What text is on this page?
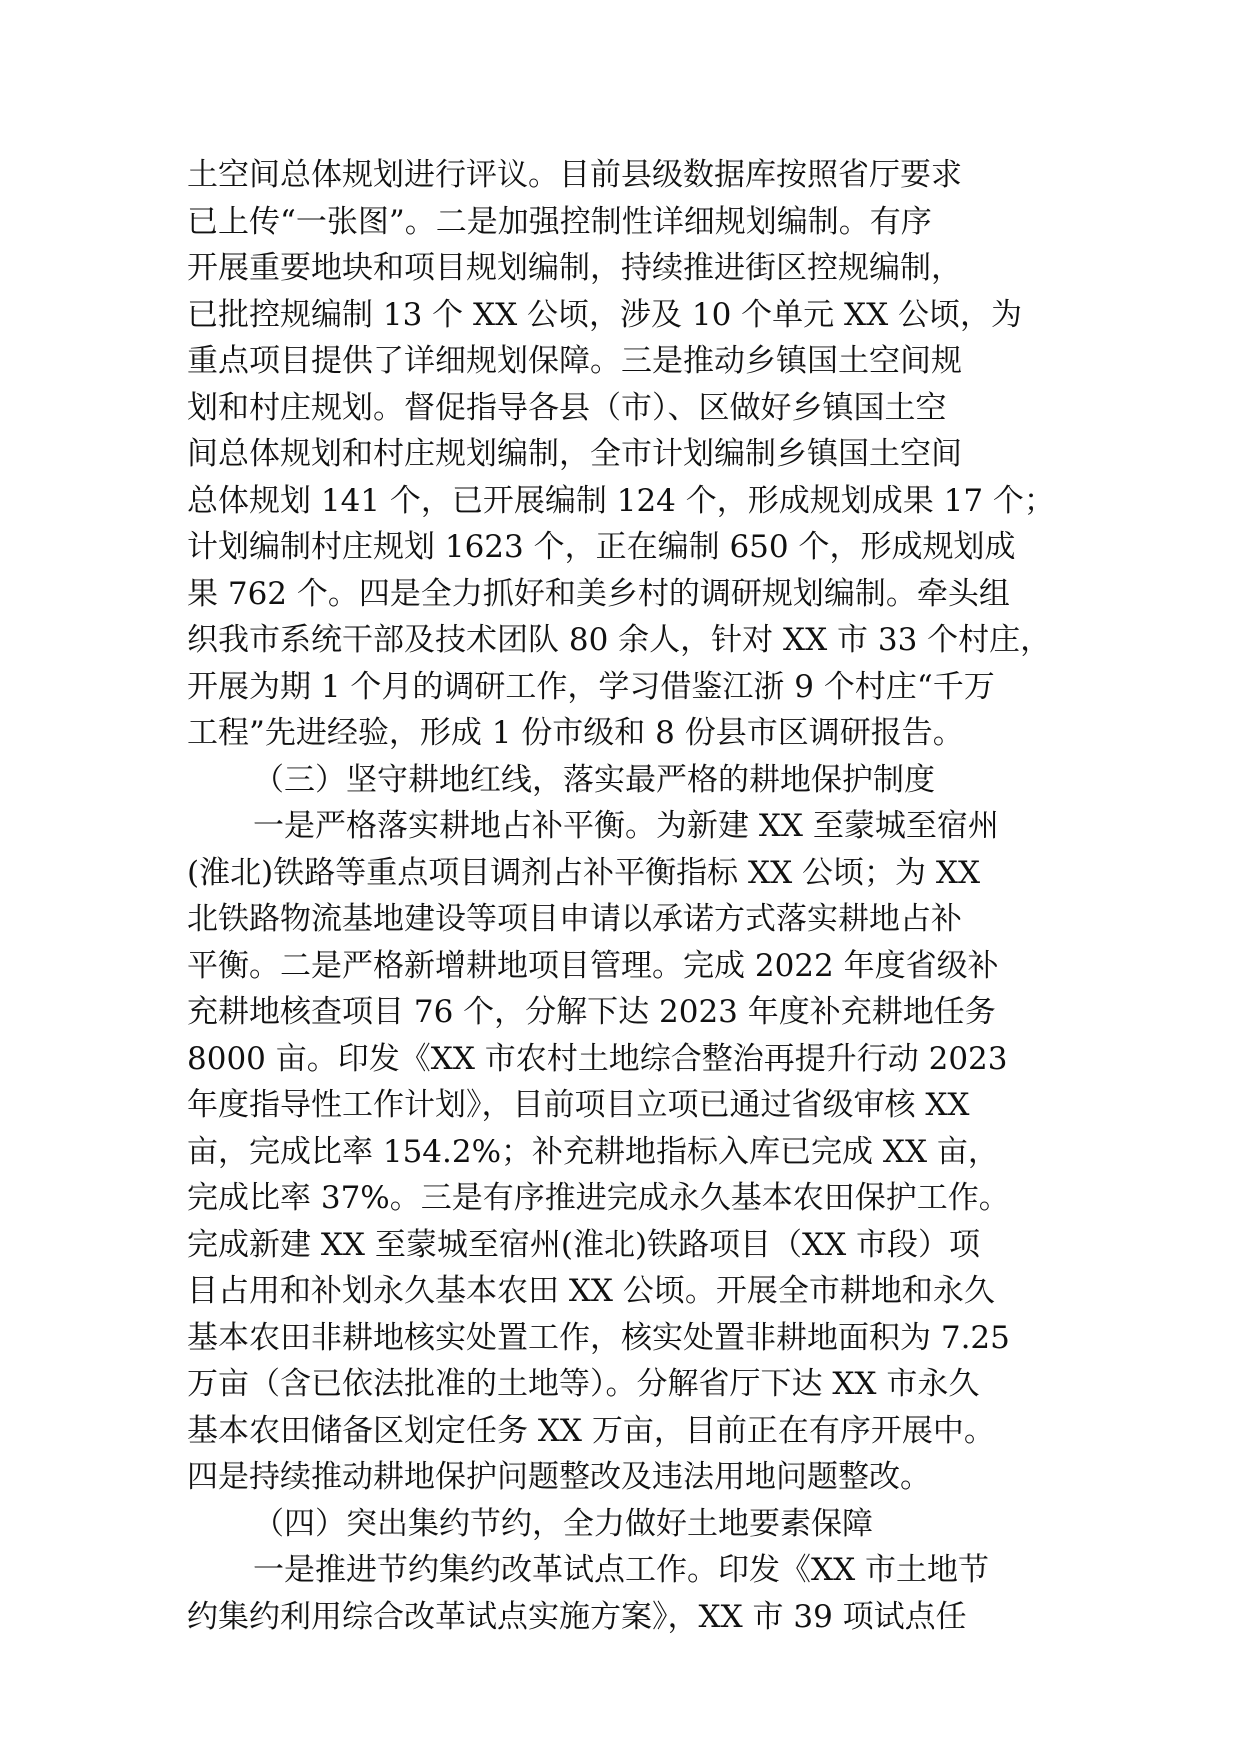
土空间总体规划进行评议。目前县级数据库按照省厅要求
已上传“一张图”。二是加强控制性详细规划编制。有序
开展重要地块和项目规划编制，持续推进街区控规编制，
已批控规编制 13 个 XX 公顷，涉及 10 个单元 XX 公顷，为
重点项目提供了详细规划保障。三是推动乡镇国土空间规
划和村庄规划。督促指导各县（市）、区做好乡镇国土空
间总体规划和村庄规划编制，全市计划编制乡镇国土空间
总体规划 141 个，已开展编制 124 个，形成规划成果 17 个；
计划编制村庄规划 1623 个，正在编制 650 个，形成规划成
果 762 个。四是全力抓好和美乡村的调研规划编制。牵头组
织我市系统干部及技术团队 80 余人，针对 XX 市 33 个村庄，
开展为期 1 个月的调研工作，学习借鉴江浙 9 个村庄“千万
工程”先进经验，形成 1 份市级和 8 份县市区调研报告。
（三）坚守耕地红线，落实最严格的耕地保护制度
一是严格落实耕地占补平衡。为新建 XX 至蒙城至宿州
(淮北)铁路等重点项目调剂占补平衡指标 XX 公顷；为 XX
北铁路物流基地建设等项目申请以承诺方式落实耕地占补
平衡。二是严格新增耕地项目管理。完成 2022 年度省级补
充耕地核查项目 76 个，分解下达 2023 年度补充耕地任务
8000 亩。印发《XX 市农村土地综合整治再提升行动 2023
年度指导性工作计划》，目前项目立项已通过省级审核 XX
亩，完成比率 154.2%；补充耕地指标入库已完成 XX 亩，
完成比率 37%。三是有序推进完成永久基本农田保护工作。
完成新建 XX 至蒙城至宿州(淮北)铁路项目（XX 市段）项
目占用和补划永久基本农田 XX 公顷。开展全市耕地和永久
基本农田非耕地核实处置工作，核实处置非耕地面积为 7.25
万亩（含已依法批准的土地等）。分解省厅下达 XX 市永久
基本农田储备区划定任务 XX 万亩，目前正在有序开展中。
四是持续推动耕地保护问题整改及违法用地问题整改。
（四）突出集约节约，全力做好土地要素保障
一是推进节约集约改革试点工作。印发《XX 市土地节
约集约利用综合改革试点实施方案》，XX 市 39 项试点任
